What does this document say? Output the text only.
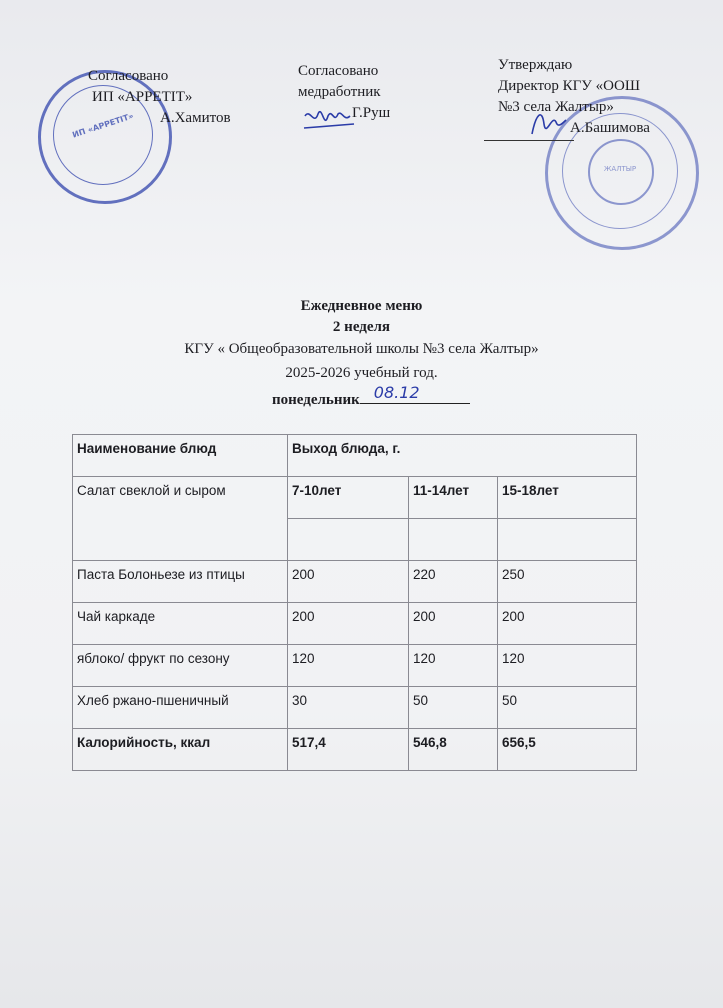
ИП «APPETIT»
Согласовано
ИП «APPETIT»
А.Хамитов
Согласовано
медработник
Г.Руш
ЖАЛТЫР
Утверждаю
Директор КГУ «ООШ
№3 села Жалтыр»
А.Башимова
Ежедневное меню
2 неделя
КГУ « Общеобразовательной школы №3 села Жалтыр»
2025-2026 учебный год.
понедельник 08.12
Наименование блюд	Выход блюда, г.		
Салат свеклой и сыром	7-10лет	11-14лет	15-18лет

Паста Болоньезе из птицы	200	220	250
Чай каркаде	200	200	200
яблоко/ фрукт по сезону	120	120	120
Хлеб ржано-пшеничный	30	50	50
Калорийность, ккал	517,4	546,8	656,5
